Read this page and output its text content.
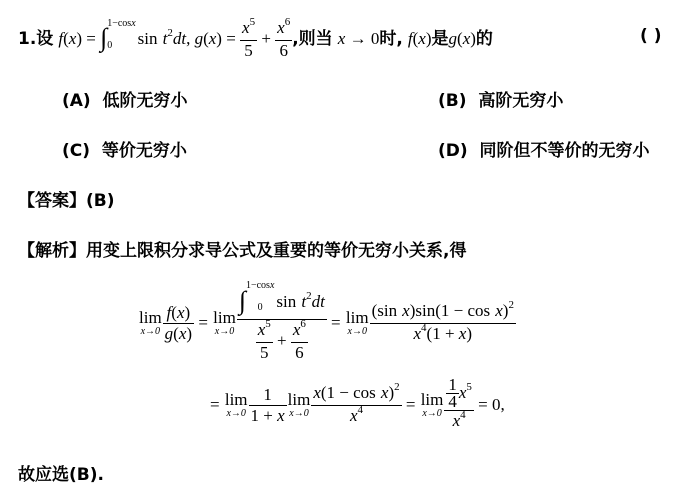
1.设 f(x) = ∫ 1−cosx
0	$\sin t^2dt$, $g(x) = \frac{x^5}{5} + \frac{x^6}{6}$ ,则当 x → 0时, f(x)是g(x)的	( )
(A) 低阶无穷小	(B) 高阶无穷小
(C) 等价无穷小	(D) 同阶但不等价的无穷小
【答案】(B)
【解析】用变上限积分求导公式及重要的等价无穷小关系,得
lim
$x\to 0 \frac{f(x)}{g(x)} = \lim$
x→0 ∫ 1−cosx
0 $\sin t^2dt$
$\frac{x^5}{5} + \frac{x^6}{6} = \lim$
$x\to 0 \frac{(\sin x)\sin(1 - \cos x)^2}{x^4(1 + x)}$
= lim
$x\to 0 \frac{1}{1 + x}$ lim
$x\to 0 \frac{x(1 - \cos x)^2}{x^4} = \lim$
$x\to 0 \frac{\frac{1}{4} x^5}{x^4} = 0$,
故应选(B).
